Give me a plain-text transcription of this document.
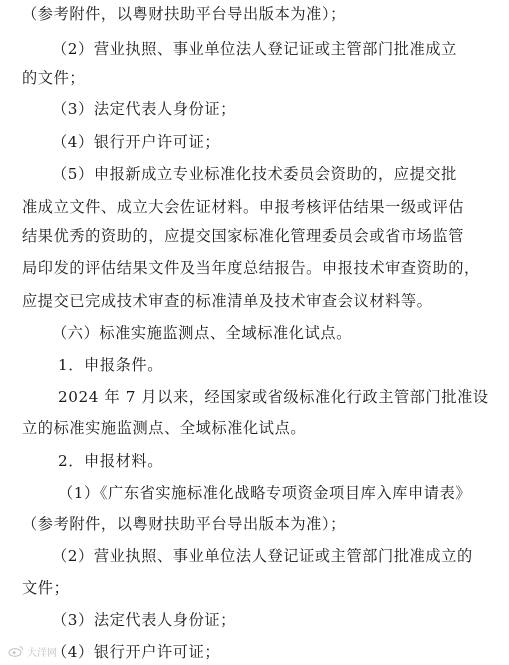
（参考附件，以粤财扶助平台导出版本为准）；
（2）营业执照、事业单位法人登记证或主管部门批准成立
的文件；
（3）法定代表人身份证；
（4）银行开户许可证；
（5）申报新成立专业标准化技术委员会资助的，应提交批
准成立文件、成立大会佐证材料。申报考核评估结果一级或评估
结果优秀的资助的，应提交国家标准化管理委员会或省市场监管
局印发的评估结果文件及当年度总结报告。申报技术审查资助的，
应提交已完成技术审查的标准清单及技术审查会议材料等。
（六）标准实施监测点、全域标准化试点。
1．申报条件。
2024 年 7 月以来，经国家或省级标准化行政主管部门批准设
立的标准实施监测点、全域标准化试点。
2．申报材料。
（1）《广东省实施标准化战略专项资金项目库入库申请表》
（参考附件，以粤财扶助平台导出版本为准）；
（2）营业执照、事业单位法人登记证或主管部门批准成立的
文件；
（3）法定代表人身份证；
（4）银行开户许可证；
大洋网
